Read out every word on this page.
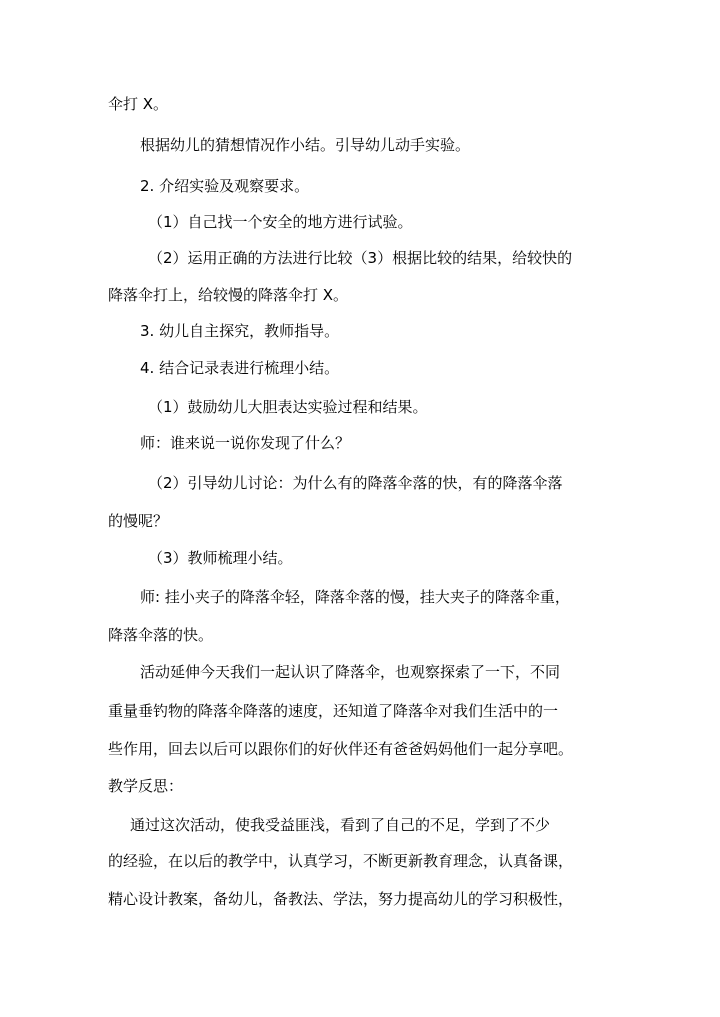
伞打 X。
根据幼儿的猜想情况作小结。引导幼儿动手实验。
2. 介绍实验及观察要求。
（1）自己找一个安全的地方进行试验。
（2）运用正确的方法进行比较（3）根据比较的结果，给较快的
降落伞打上，给较慢的降落伞打 X。
3. 幼儿自主探究，教师指导。
4. 结合记录表进行梳理小结。
（1）鼓励幼儿大胆表达实验过程和结果。
师：谁来说一说你发现了什么？
（2）引导幼儿讨论：为什么有的降落伞落的快，有的降落伞落
的慢呢？
（3）教师梳理小结。
师: 挂小夹子的降落伞轻，降落伞落的慢，挂大夹子的降落伞重，
降落伞落的快。
活动延伸今天我们一起认识了降落伞，也观察探索了一下，不同
重量垂钓物的降落伞降落的速度，还知道了降落伞对我们生活中的一
些作用，回去以后可以跟你们的好伙伴还有爸爸妈妈他们一起分享吧。
教学反思：
通过这次活动，使我受益匪浅，看到了自己的不足，学到了不少
的经验，在以后的教学中，认真学习，不断更新教育理念，认真备课，
精心设计教案，备幼儿，备教法、学法，努力提高幼儿的学习积极性，
